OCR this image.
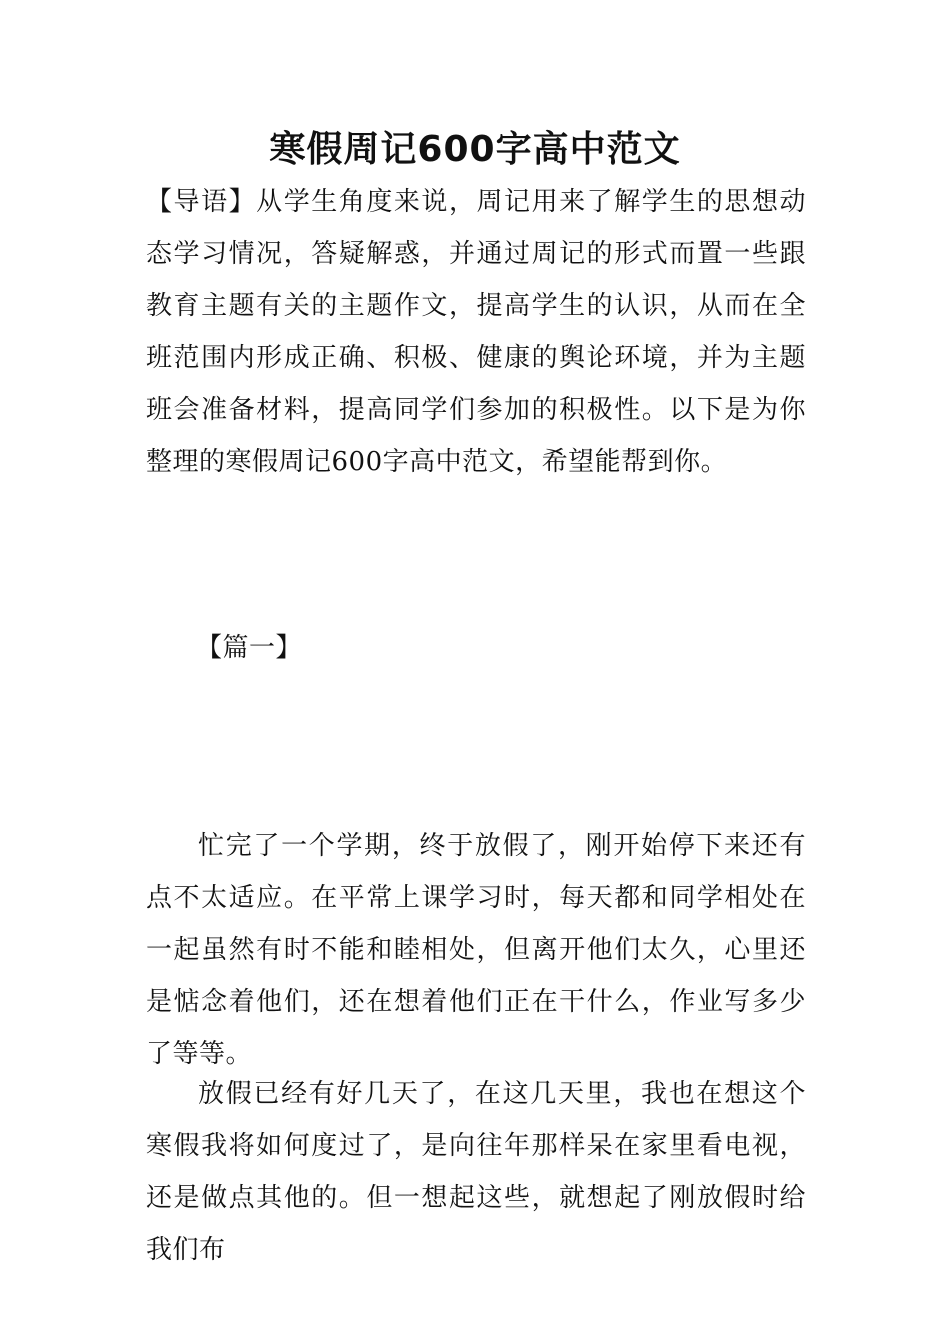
寒假周记600字高中范文

【导语】从学生角度来说，周记用来了解学生的思想动态学习情况，答疑解惑，并通过周记的形式而置一些跟教育主题有关的主题作文，提高学生的认识，从而在全班范围内形成正确、积极、健康的舆论环境，并为主题班会准备材料，提高同学们参加的积极性。以下是为你整理的寒假周记600字高中范文，希望能帮到你。

【篇一】

忙完了一个学期，终于放假了，刚开始停下来还有点不太适应。在平常上课学习时，每天都和同学相处在一起虽然有时不能和睦相处，但离开他们太久，心里还是惦念着他们，还在想着他们正在干什么，作业写多少了等等。

放假已经有好几天了，在这几天里，我也在想这个寒假我将如何度过了，是向往年那样呆在家里看电视，还是做点其他的。但一想起这些，就想起了刚放假时给我们布
